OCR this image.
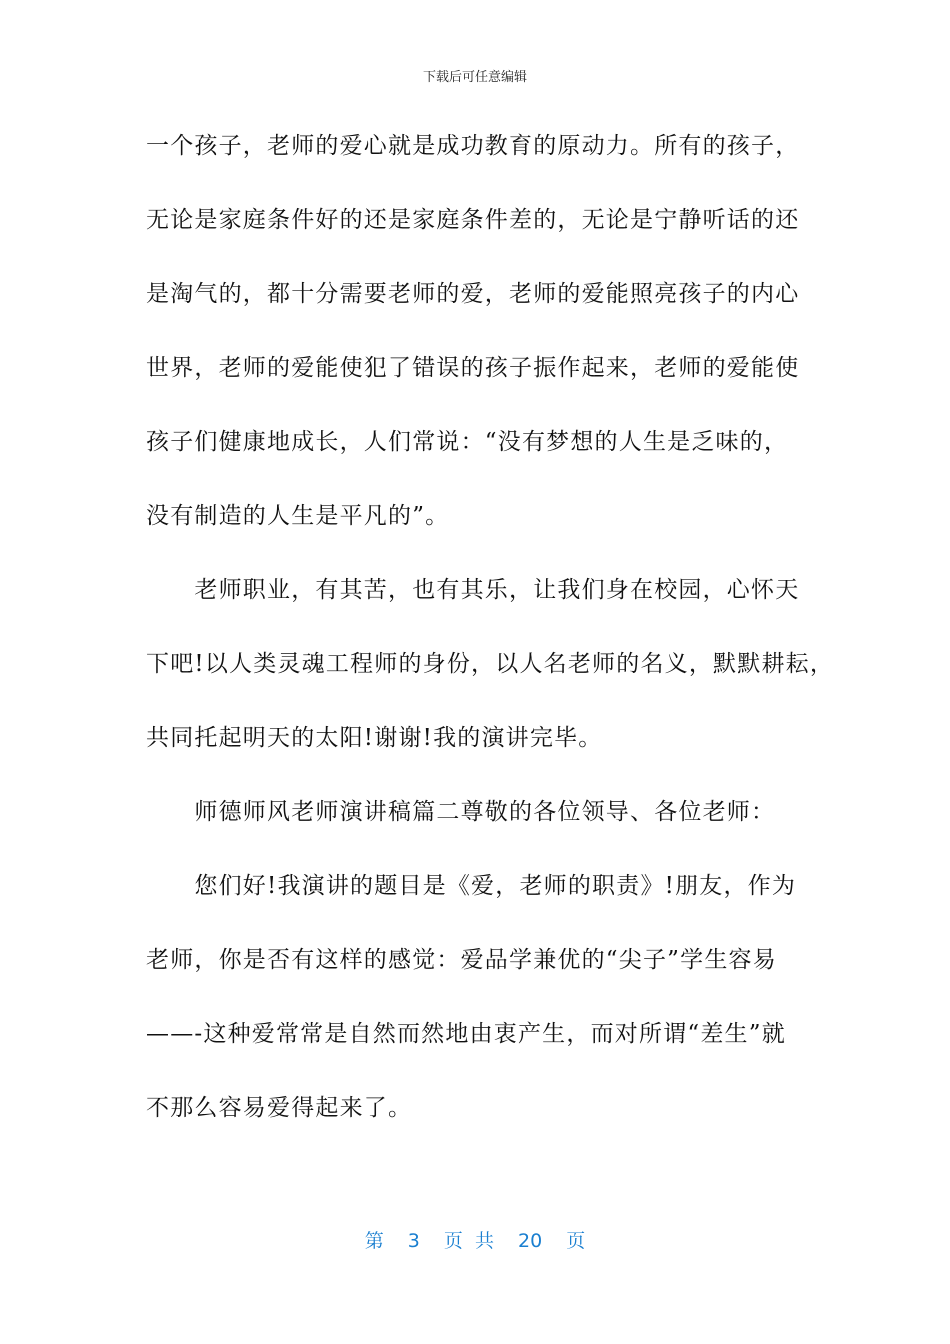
下载后可任意编辑
一个孩子，老师的爱心就是成功教育的原动力。所有的孩子，
无论是家庭条件好的还是家庭条件差的，无论是宁静听话的还
是淘气的，都十分需要老师的爱，老师的爱能照亮孩子的内心
世界，老师的爱能使犯了错误的孩子振作起来，老师的爱能使
孩子们健康地成长，人们常说：“没有梦想的人生是乏味的，
没有制造的人生是平凡的”。
　　老师职业，有其苦，也有其乐，让我们身在校园，心怀天
下吧!以人类灵魂工程师的身份，以人名老师的名义，默默耕耘，
共同托起明天的太阳!谢谢!我的演讲完毕。
　　师德师风老师演讲稿篇二尊敬的各位领导、各位老师：
　　您们好!我演讲的题目是《爱，老师的职责》!朋友，作为
老师，你是否有这样的感觉：爱品学兼优的“尖子”学生容易
——-这种爱常常是自然而然地由衷产生，而对所谓“差生”就
不那么容易爱得起来了。
第 3 页 共 20 页
